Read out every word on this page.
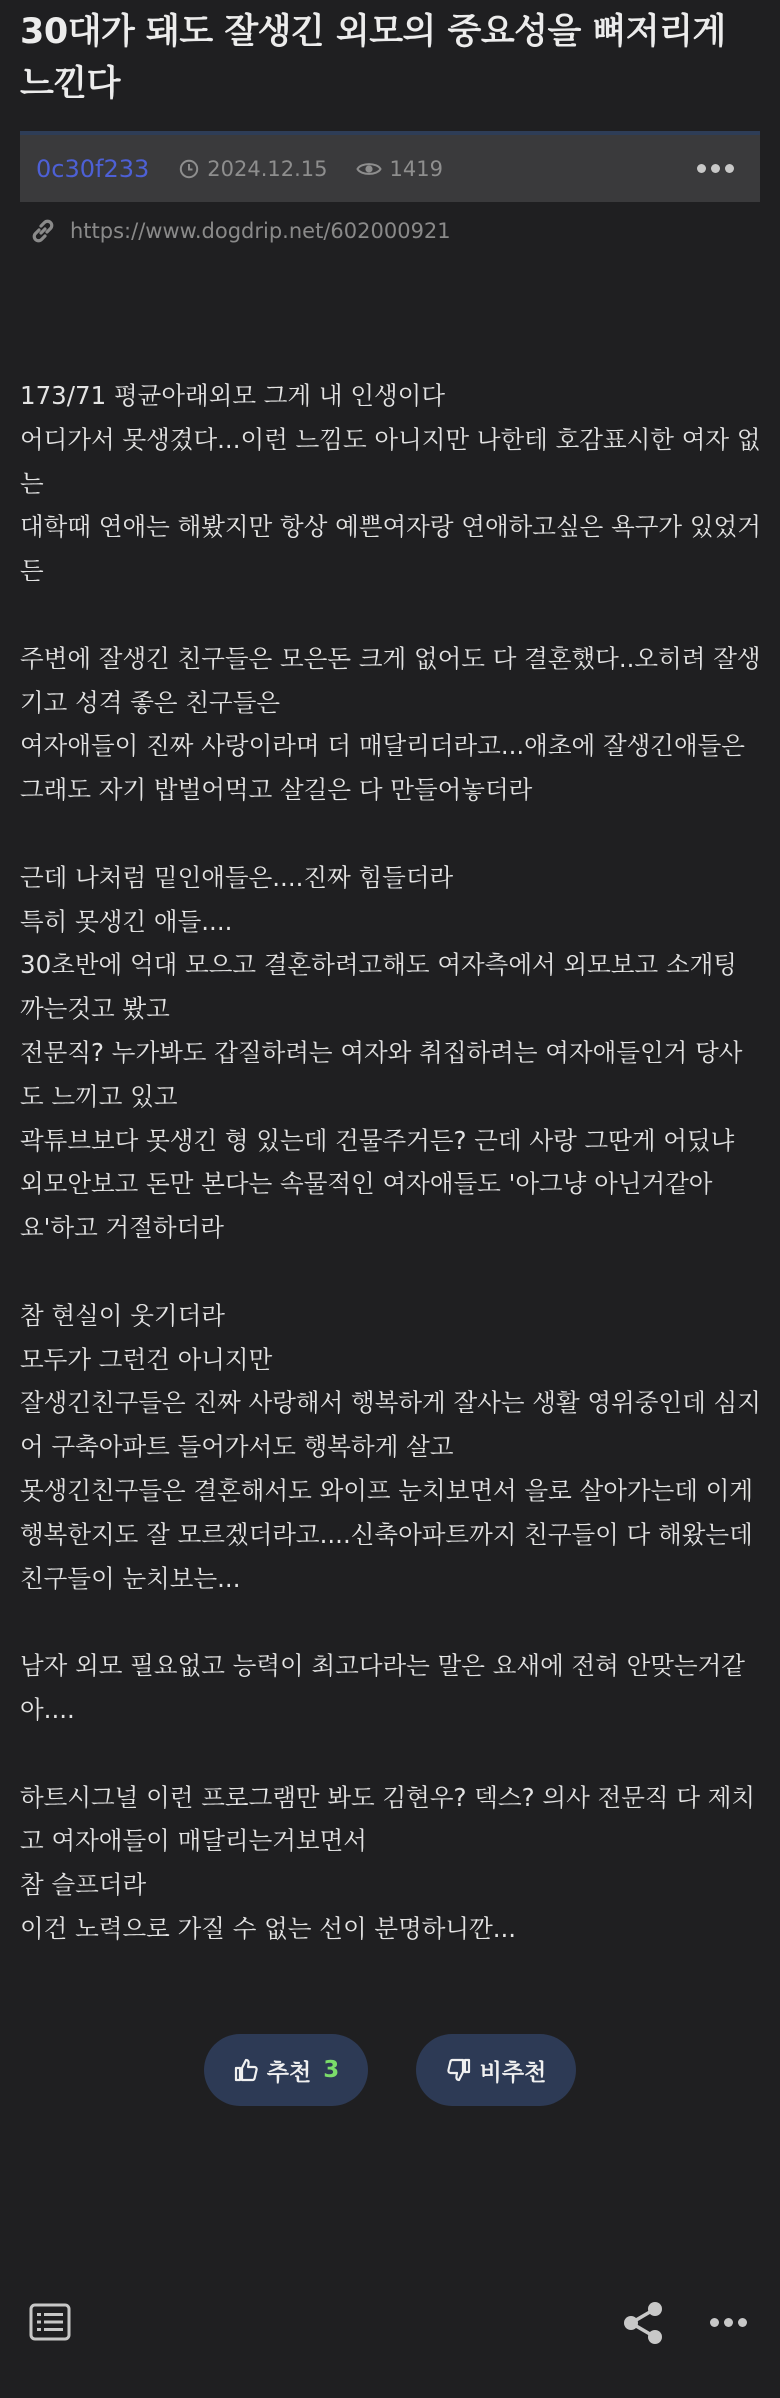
30대가 돼도 잘생긴 외모의 중요성을 뼈저리게 느낀다
0c30f233	2024.12.15	1419
https://www.dogdrip.net/602000921

173/71 평균아래외모 그게 내 인생이다

어디가서 못생겼다...이런 느낌도 아니지만 나한테 호감표시한 여자 없는

대학때 연애는 해봤지만 항상 예쁜여자랑 연애하고싶은 욕구가 있었거든

주변에 잘생긴 친구들은 모은돈 크게 없어도 다 결혼했다..오히려 잘생기고 성격 좋은 친구들은

여자애들이 진짜 사랑이라며 더 매달리더라고...애초에 잘생긴애들은 그래도 자기 밥벌어먹고 살길은 다 만들어놓더라

근데 나처럼 밑인애들은....진짜 힘들더라

특히 못생긴 애들....

30초반에 억대 모으고 결혼하려고해도 여자측에서 외모보고 소개팅 까는것고 봤고

전문직? 누가봐도 갑질하려는 여자와 취집하려는 여자애들인거 당사도 느끼고 있고

곽튜브보다 못생긴 형 있는데 건물주거든? 근데 사랑 그딴게 어딨냐

외모안보고 돈만 본다는 속물적인 여자애들도 '아그냥 아닌거같아요'하고 거절하더라

참 현실이 웃기더라

모두가 그런건 아니지만

잘생긴친구들은 진짜 사랑해서 행복하게 잘사는 생활 영위중인데 심지어 구축아파트 들어가서도 행복하게 살고

못생긴친구들은 결혼해서도 와이프 눈치보면서 을로 살아가는데 이게 행복한지도 잘 모르겠더라고....신축아파트까지 친구들이 다 해왔는데

친구들이 눈치보는...

남자 외모 필요없고 능력이 최고다라는 말은 요새에 전혀 안맞는거같아....

하트시그널 이런 프로그램만 봐도 김현우? 덱스? 의사 전문직 다 제치고 여자애들이 매달리는거보면서

참 슬프더라

이건 노력으로 가질 수 없는 선이 분명하니깐...

추천 3	비추천
